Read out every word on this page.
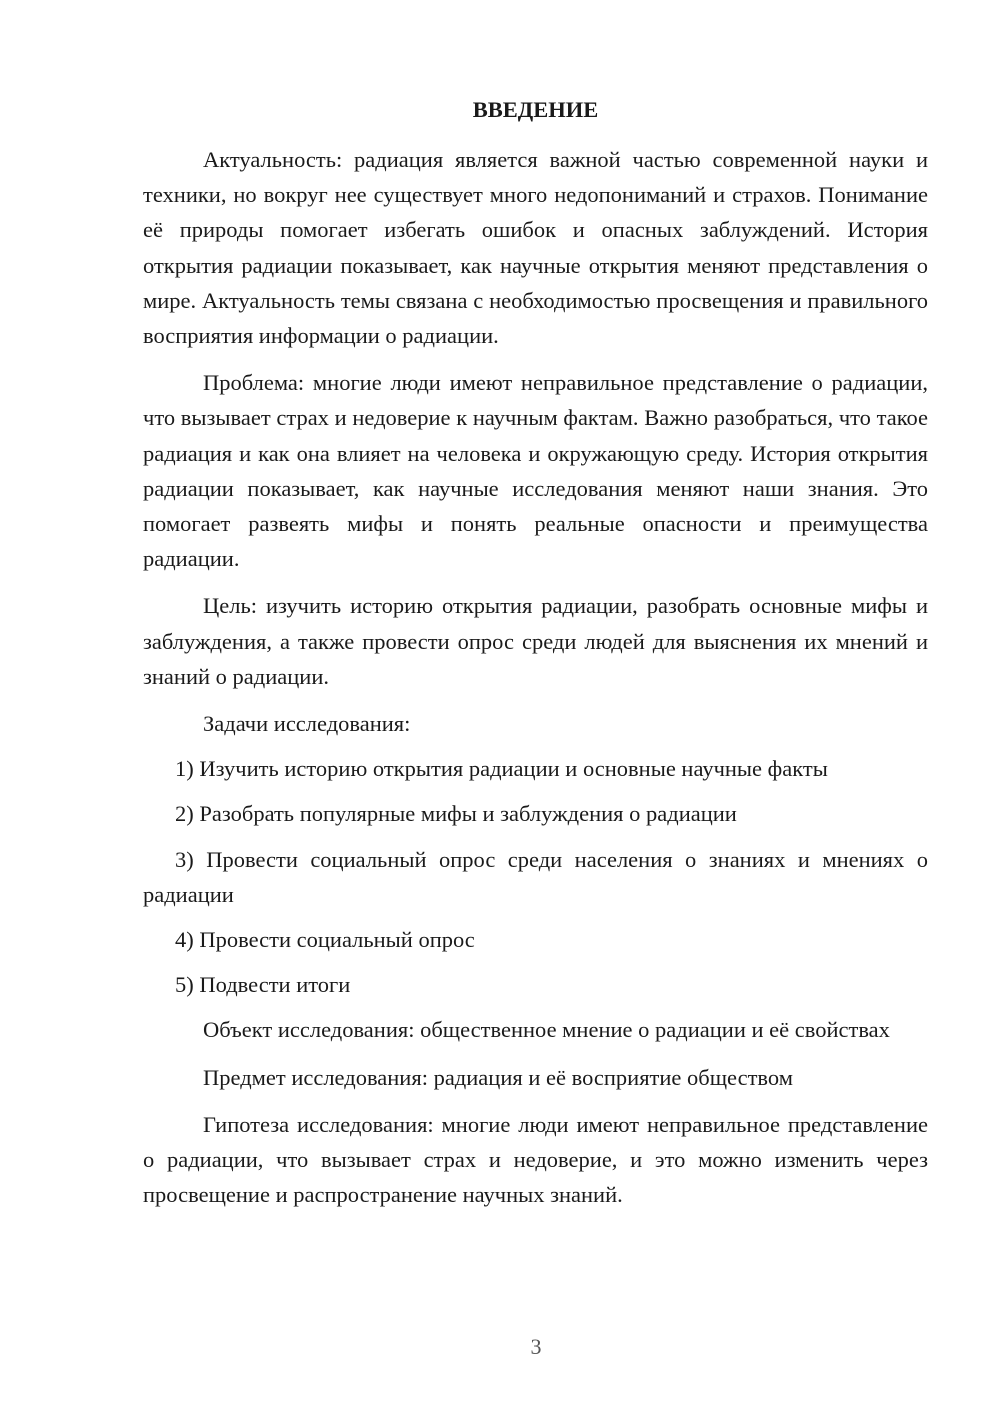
ВВЕДЕНИЕ

Актуальность: радиация является важной частью современной науки и техники, но вокруг нее существует много недопониманий и страхов. Понимание её природы помогает избегать ошибок и опасных заблуждений. История открытия радиации показывает, как научные открытия меняют представления о мире. Актуальность темы связана с необходимостью просвещения и правильного восприятия информации о радиации.

Проблема: многие люди имеют неправильное представление о радиации, что вызывает страх и недоверие к научным фактам. Важно разобраться, что такое радиация и как она влияет на человека и окружающую среду. История открытия радиации показывает, как научные исследования меняют наши знания. Это помогает развеять мифы и понять реальные опасности и преимущества радиации.

Цель: изучить историю открытия радиации, разобрать основные мифы и заблуждения, а также провести опрос среди людей для выяснения их мнений и знаний о радиации.

Задачи исследования:

1) Изучить историю открытия радиации и основные научные факты

2) Разобрать популярные мифы и заблуждения о радиации

3) Провести социальный опрос среди населения о знаниях и мнениях о радиации

4) Провести социальный опрос

5) Подвести итоги

Объект исследования: общественное мнение о радиации и её свойствах

Предмет исследования: радиация и её восприятие обществом

Гипотеза исследования: многие люди имеют неправильное представление о радиации, что вызывает страх и недоверие, и это можно изменить через просвещение и распространение научных знаний.

3
